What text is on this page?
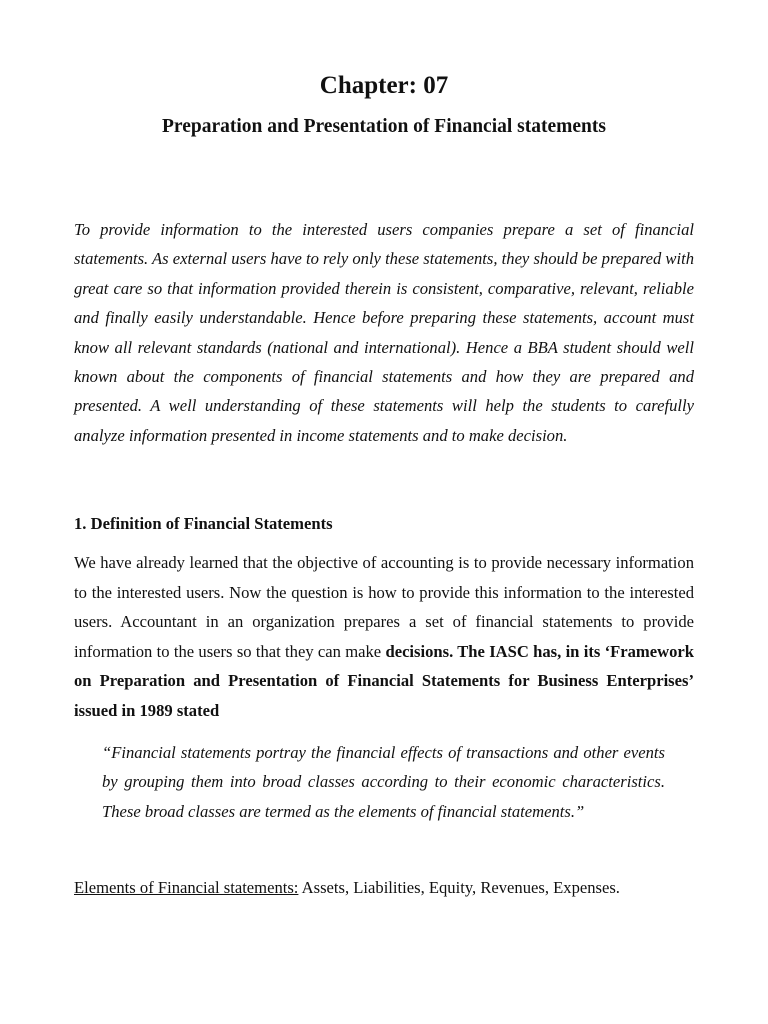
Chapter: 07
Preparation and Presentation of Financial statements

To provide information to the interested users companies prepare a set of financial statements. As external users have to rely only these statements, they should be prepared with great care so that information provided therein is consistent, comparative, relevant, reliable and finally easily understandable. Hence before preparing these statements, account must know all relevant standards (national and international). Hence a BBA student should well known about the components of financial statements and how they are prepared and presented. A well understanding of these statements will help the students to carefully analyze information presented in income statements and to make decision.

1. Definition of Financial Statements

We have already learned that the objective of accounting is to provide necessary information to the interested users. Now the question is how to provide this information to the interested users. Accountant in an organization prepares a set of financial statements to provide information to the users so that they can make decisions. The IASC has, in its ‘Framework on Preparation and Presentation of Financial Statements for Business Enterprises’ issued in 1989 stated

“Financial statements portray the financial effects of transactions and other events by grouping them into broad classes according to their economic characteristics. These broad classes are termed as the elements of financial statements.”

Elements of Financial statements: Assets, Liabilities, Equity, Revenues, Expenses.
